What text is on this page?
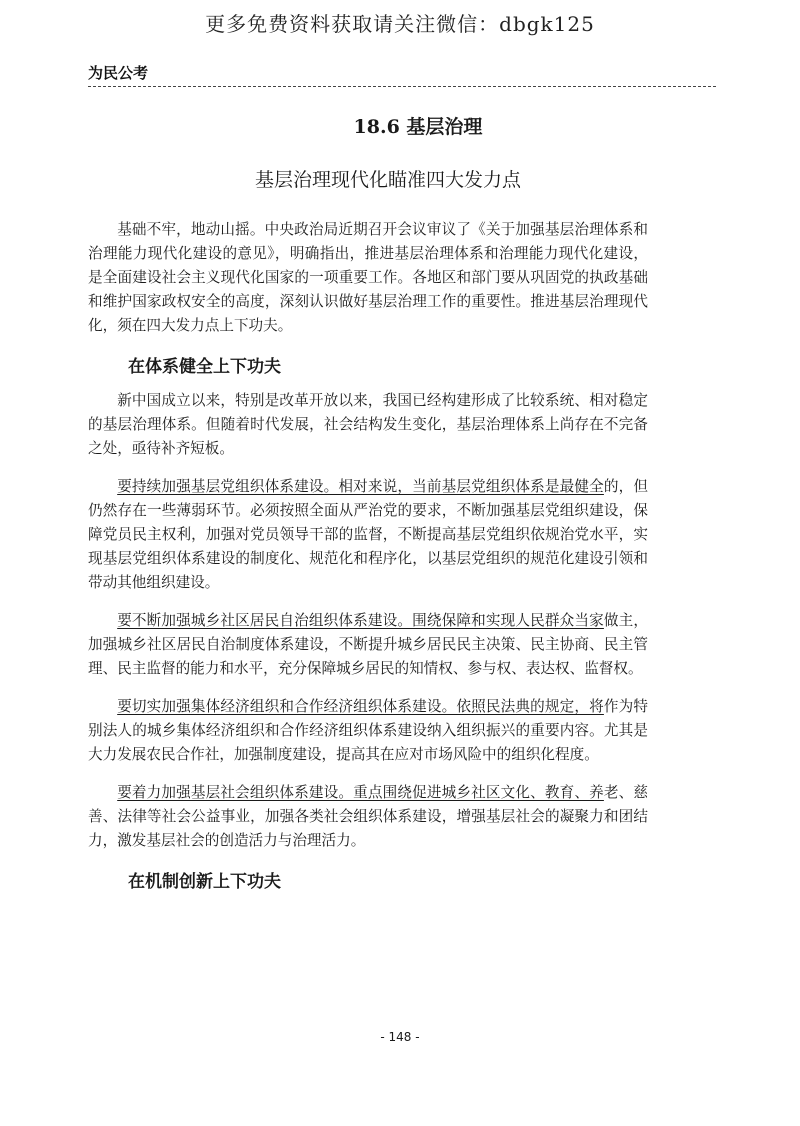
更多免费资料获取请关注微信：dbgk125
为民公考
18.6 基层治理
基层治理现代化瞄准四大发力点

基础不牢，地动山摇。中央政治局近期召开会议审议了《关于加强基层治理体系和治理能力现代化建设的意见》，明确指出，推进基层治理体系和治理能力现代化建设，是全面建设社会主义现代化国家的一项重要工作。各地区和部门要从巩固党的执政基础和维护国家政权安全的高度，深刻认识做好基层治理工作的重要性。推进基层治理现代化，须在四大发力点上下功夫。

在体系健全上下功夫

新中国成立以来，特别是改革开放以来，我国已经构建形成了比较系统、相对稳定的基层治理体系。但随着时代发展，社会结构发生变化，基层治理体系上尚存在不完备之处，亟待补齐短板。

要持续加强基层党组织体系建设。相对来说，当前基层党组织体系是最健全的，但仍然存在一些薄弱环节。必须按照全面从严治党的要求，不断加强基层党组织建设，保障党员民主权利，加强对党员领导干部的监督，不断提高基层党组织依规治党水平，实现基层党组织体系建设的制度化、规范化和程序化，以基层党组织的规范化建设引领和带动其他组织建设。

要不断加强城乡社区居民自治组织体系建设。围绕保障和实现人民群众当家做主，加强城乡社区居民自治制度体系建设，不断提升城乡居民民主决策、民主协商、民主管理、民主监督的能力和水平，充分保障城乡居民的知情权、参与权、表达权、监督权。

要切实加强集体经济组织和合作经济组织体系建设。依照民法典的规定，将作为特别法人的城乡集体经济组织和合作经济组织体系建设纳入组织振兴的重要内容。尤其是大力发展农民合作社，加强制度建设，提高其在应对市场风险中的组织化程度。

要着力加强基层社会组织体系建设。重点围绕促进城乡社区文化、教育、养老、慈善、法律等社会公益事业，加强各类社会组织体系建设，增强基层社会的凝聚力和团结力，激发基层社会的创造活力与治理活力。

在机制创新上下功夫
- 148 -
